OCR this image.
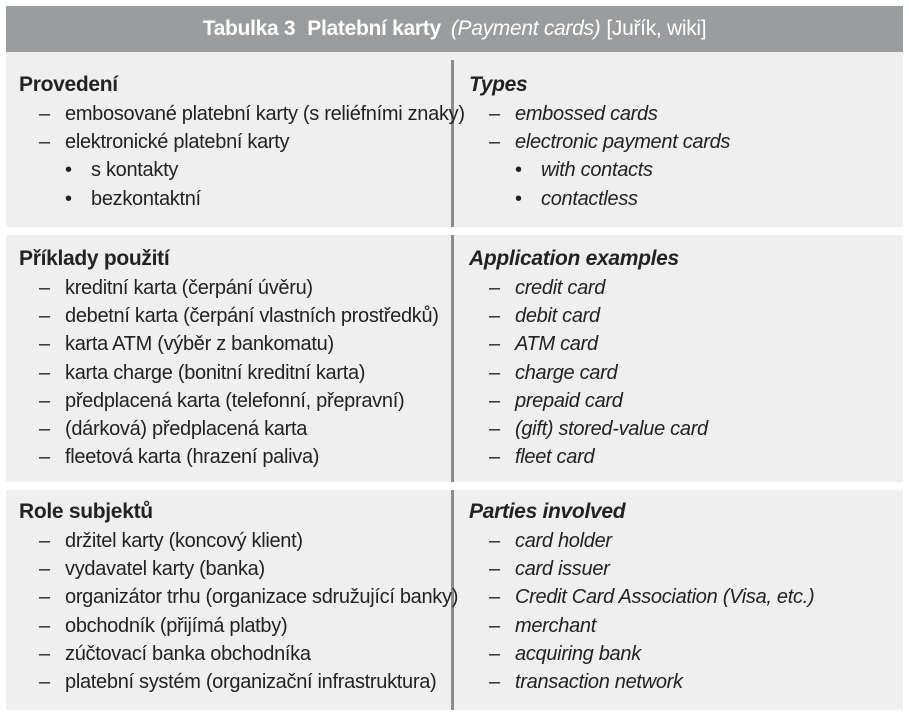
Tabulka 3 Platební karty (Payment cards) [Juřík, wiki]
Provedení
– embosované platební karty (s reliéfními znaky)
– elektronické platební karty
• s kontakty
• bezkontaktní
Types
– embossed cards
– electronic payment cards
• with contacts
• contactless
Příklady použití
– kreditní karta (čerpání úvěru)
– debetní karta (čerpání vlastních prostředků)
– karta ATM (výběr z bankomatu)
– karta charge (bonitní kreditní karta)
– předplacená karta (telefonní, přepravní)
– (dárková) předplacená karta
– fleetová karta (hrazení paliva)
Application examples
– credit card
– debit card
– ATM card
– charge card
– prepaid card
– (gift) stored-value card
– fleet card
Role subjektů
– držitel karty (koncový klient)
– vydavatel karty (banka)
– organizátor trhu (organizace sdružující banky)
– obchodník (přijímá platby)
– zúčtovací banka obchodníka
– platební systém (organizační infrastruktura)
Parties involved
– card holder
– card issuer
– Credit Card Association (Visa, etc.)
– merchant
– acquiring bank
– transaction network
